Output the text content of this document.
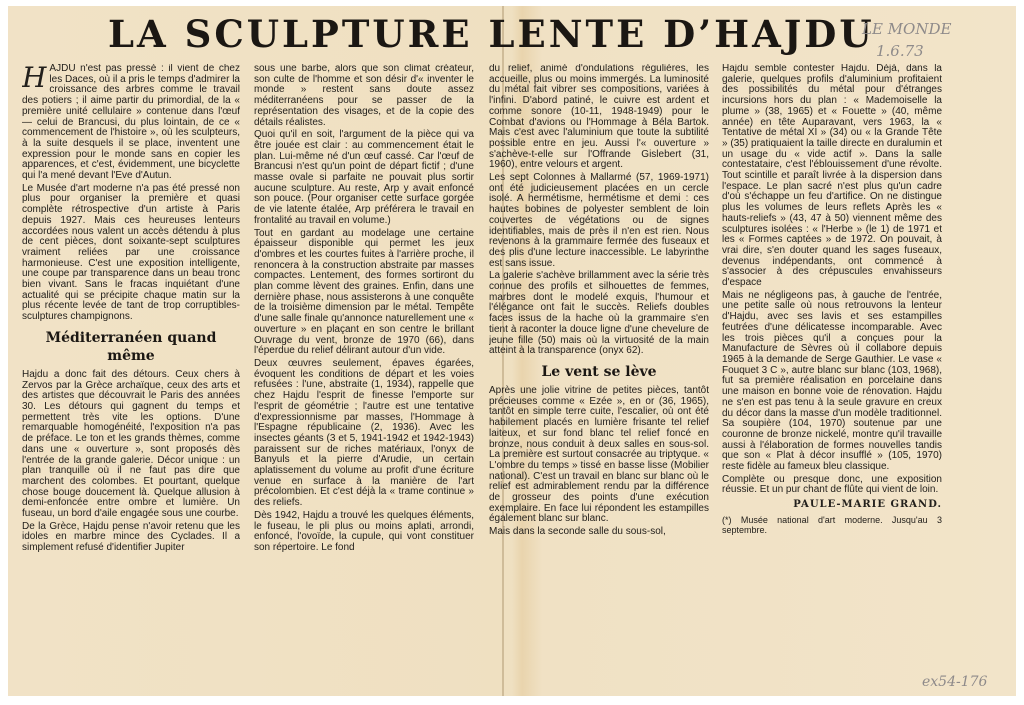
LA SCULPTURE LENTE D’HAJDU
LE MONDE
1.6.73
ex54-176

HAJDU n'est pas pressé : il vient de chez les Daces, où il a pris le temps d'admirer la croissance des arbres comme le travail des potiers ; il aime partir du primordial, de la « première unité cellulaire » contenue dans l'œuf — celui de Brancusi, du plus lointain, de ce « commencement de l'histoire », où les sculpteurs, à la suite desquels il se place, inventent une expression pour le monde sans en copier les apparences, et c'est, évidemment, une bicyclette qui l'a mené devant l'Eve d'Autun.

Le Musée d'art moderne n'a pas été pressé non plus pour organiser la première et quasi complète rétrospective d'un artiste à Paris depuis 1927. Mais ces heureuses lenteurs accordées nous valent un accès détendu à plus de cent pièces, dont soixante-sept sculptures vraiment reliées par une croissance harmonieuse. C'est une exposition intelligente, une coupe par transparence dans un beau tronc bien vivant. Sans le fracas inquiétant d'une actualité qui se précipite chaque matin sur la plus récente levée de tant de trop corruptibles- sculptures champignons.

Méditerranéen quand même

Hajdu a donc fait des détours. Ceux chers à Zervos par la Grèce archaïque, ceux des arts et des artistes que découvrait le Paris des années 30. Les détours qui gagnent du temps et permettent très vite les options. D'une remarquable homogénéité, l'exposition n'a pas de préface. Le ton et les grands thèmes, comme dans une « ouverture », sont proposés dès l'entrée de la grande galerie. Décor unique : un plan tranquille où il ne faut pas dire que marchent des colombes. Et pourtant, quelque chose bouge doucement là. Quelque allusion à demi-enfoncée entre ombre et lumière. Un fuseau, un bord d'aile engagée sous une courbe.

De la Grèce, Hajdu pense n'avoir retenu que les idoles en marbre mince des Cyclades. Il a simplement refusé d'identifier Jupiter

sous une barbe, alors que son climat créateur, son culte de l'homme et son désir d'« inventer le monde » restent sans doute assez méditerranéens pour se passer de la représentation des visages, et de la copie des détails réalistes.

Quoi qu'il en soit, l'argument de la pièce qui va être jouée est clair : au commencement était le plan. Lui-même né d'un œuf cassé. Car l'œuf de Brancusi n'est qu'un point de départ fictif ; d'une masse ovale si parfaite ne pouvait plus sortir aucune sculpture. Au reste, Arp y avait enfoncé son pouce. (Pour organiser cette surface gorgée de vie latente étalée, Arp préférera le travail en frontalité au travail en volume.)

Tout en gardant au modelage une certaine épaisseur disponible qui permet les jeux d'ombres et les courtes fuites à l'arrière proche, il renoncera à la construction abstraite par masses compactes. Lentement, des formes sortiront du plan comme lèvent des graines. Enfin, dans une dernière phase, nous assisterons à une conquête de la troisième dimension par le métal. Tempête d'une salle finale qu'annonce naturellement une « ouverture » en plaçant en son centre le brillant Ouvrage du vent, bronze de 1970 (66), dans l'éperdue du relief délirant autour d'un vide.

Deux œuvres seulement, épaves égarées, évoquent les conditions de départ et les voies refusées : l'une, abstraite (1, 1934), rappelle que chez Hajdu l'esprit de finesse l'emporte sur l'esprit de géométrie ; l'autre est une tentative d'expressionnisme par masses, l'Hommage à l'Espagne républicaine (2, 1936). Avec les insectes géants (3 et 5, 1941-1942 et 1942-1943) paraissent sur de riches matériaux, l'onyx de Banyuls et la pierre d'Arudie, un certain aplatissement du volume au profit d'une écriture venue en surface à la manière de l'art précolombien. Et c'est déjà la « trame continue » des reliefs.

Dès 1942, Hajdu a trouvé les quelques éléments, le fuseau, le pli plus ou moins aplati, arrondi, enfoncé, l'ovoïde, la cupule, qui vont constituer son répertoire. Le fond

du relief, animé d'ondulations régulières, les accueille, plus ou moins immergés. La luminosité du métal fait vibrer ses compositions, variées à l'infini. D'abord patiné, le cuivre est ardent et comme sonore (10-11, 1948-1949) pour le Combat d'avions ou l'Hommage à Béla Bartok. Mais c'est avec l'aluminium que toute la subtilité possible entre en jeu. Aussi l'« ouverture » s'achève-t-elle sur l'Offrande Gislebert (31, 1960), entre velours et argent.

Les sept Colonnes à Mallarmé (57, 1969-1971) ont été judicieusement placées en un cercle isolé. A hermétisme, hermétisme et demi : ces hautes bobines de polyester semblent de loin couvertes de végétations ou de signes identifiables, mais de près il n'en est rien. Nous revenons à la grammaire fermée des fuseaux et des plis d'une lecture inaccessible. Le labyrinthe est sans issue.

La galerie s'achève brillamment avec la série très connue des profils et silhouettes de femmes, marbres dont le modelé exquis, l'humour et l'élégance ont fait le succès. Reliefs doubles faces issus de la hache où la grammaire s'en tient à raconter la douce ligne d'une chevelure de jeune fille (50) mais où la virtuosité de la main atteint à la transparence (onyx 62).

Le vent se lève

Après une jolie vitrine de petites pièces, tantôt précieuses comme « Ezée », en or (36, 1965), tantôt en simple terre cuite, l'escalier, où ont été habilement placés en lumière frisante tel relief laiteux, et sur fond blanc tel relief foncé en bronze, nous conduit à deux salles en sous-sol. La première est surtout consacrée au triptyque. « L'ombre du temps » tissé en basse lisse (Mobilier national). C'est un travail en blanc sur blanc où le relief est admirablement rendu par la différence de grosseur des points d'une exécution exemplaire. En face lui répondent les estampilles également blanc sur blanc.

Mais dans la seconde salle du sous-sol,

Hajdu semble contester Hajdu. Déjà, dans la galerie, quelques profils d'aluminium profitaient des possibilités du métal pour d'étranges incursions hors du plan : « Mademoiselle la plume » (38, 1965) et « Fouette » (40, même année) en tête Auparavant, vers 1963, la « Tentative de métal XI » (34) ou « la Grande Tête » (35) pratiquaient la taille directe en duralumin et un usage du « vide actif ». Dans la salle contestataire, c'est l'éblouissement d'une révolte. Tout scintille et paraît livrée à la dispersion dans l'espace. Le plan sacré n'est plus qu'un cadre d'où s'échappe un feu d'artifice. On ne distingue plus les volumes de leurs reflets Après les « hauts-reliefs » (43, 47 à 50) viennent même des sculptures isolées : « l'Herbe » (le 1) de 1971 et les « Formes captées » de 1972. On pouvait, à vrai dire, s'en douter quand les sages fuseaux, devenus indépendants, ont commencé à s'associer à des crépuscules envahisseurs d'espace

Mais ne négligeons pas, à gauche de l'entrée, une petite salle où nous retrouvons la lenteur d'Hajdu, avec ses lavis et ses estampilles feutrées d'une délicatesse incomparable. Avec les trois pièces qu'il a conçues pour la Manufacture de Sèvres où il collabore depuis 1965 à la demande de Serge Gauthier. Le vase « Fouquet 3 C », autre blanc sur blanc (103, 1968), fut sa première réalisation en porcelaine dans une maison en bonne voie de rénovation. Hajdu ne s'en est pas tenu à la seule gravure en creux du décor dans la masse d'un modèle traditionnel. Sa soupière (104, 1970) soutenue par une couronne de bronze nickelé, montre qu'il travaille aussi à l'élaboration de formes nouvelles tandis que son « Plat à décor insufflé » (105, 1970) reste fidèle au fameux bleu classique.

Complète ou presque donc, une exposition réussie. Et un pur chant de flûte qui vient de loin.

PAULE-MARIE GRAND.
(*) Musée national d'art moderne. Jusqu'au 3 septembre.
